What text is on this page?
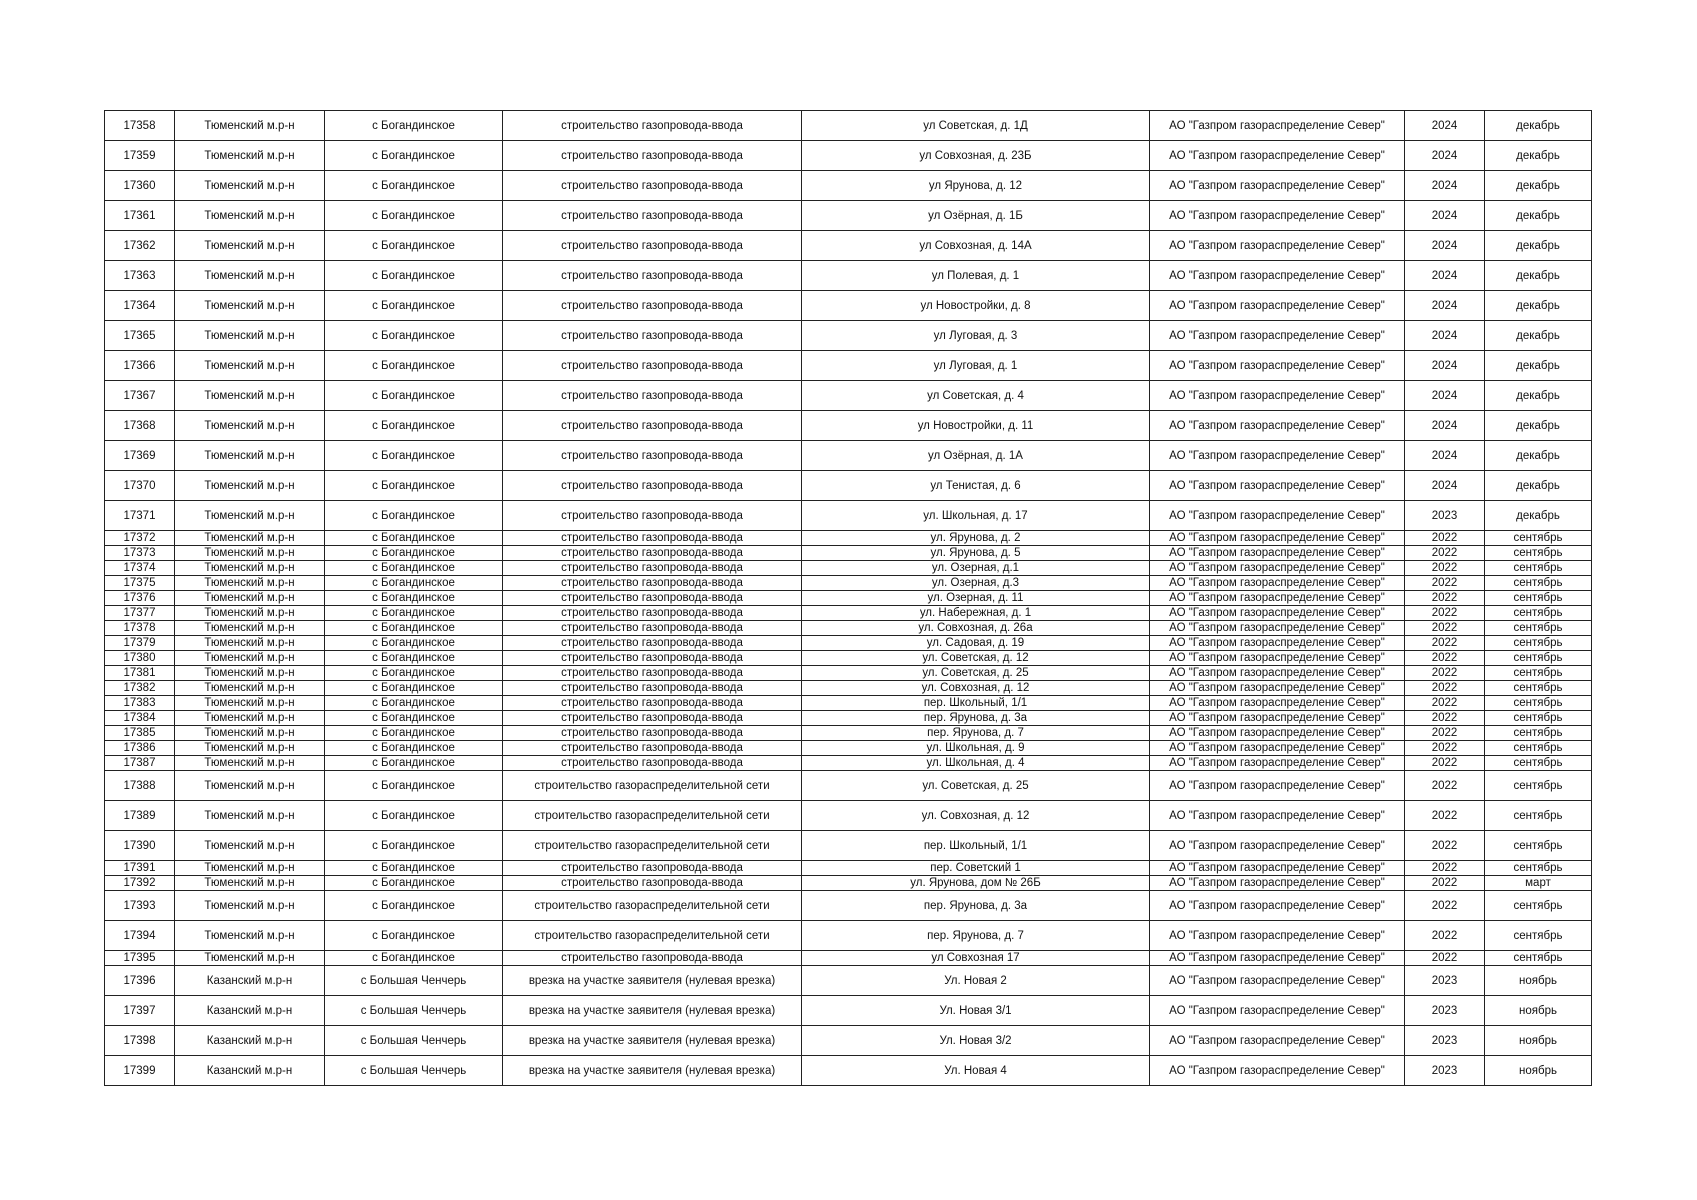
17358	Тюменский м.р-н	с Богандинское	строительство газопровода-ввода	ул Советская, д. 1Д	АО "Газпром газораспределение Север"	2024	декабрь
17359	Тюменский м.р-н	с Богандинское	строительство газопровода-ввода	ул Совхозная, д. 23Б	АО "Газпром газораспределение Север"	2024	декабрь
17360	Тюменский м.р-н	с Богандинское	строительство газопровода-ввода	ул Ярунова, д. 12	АО "Газпром газораспределение Север"	2024	декабрь
17361	Тюменский м.р-н	с Богандинское	строительство газопровода-ввода	ул Озёрная, д. 1Б	АО "Газпром газораспределение Север"	2024	декабрь
17362	Тюменский м.р-н	с Богандинское	строительство газопровода-ввода	ул Совхозная, д. 14А	АО "Газпром газораспределение Север"	2024	декабрь
17363	Тюменский м.р-н	с Богандинское	строительство газопровода-ввода	ул Полевая, д. 1	АО "Газпром газораспределение Север"	2024	декабрь
17364	Тюменский м.р-н	с Богандинское	строительство газопровода-ввода	ул Новостройки, д. 8	АО "Газпром газораспределение Север"	2024	декабрь
17365	Тюменский м.р-н	с Богандинское	строительство газопровода-ввода	ул Луговая, д. 3	АО "Газпром газораспределение Север"	2024	декабрь
17366	Тюменский м.р-н	с Богандинское	строительство газопровода-ввода	ул Луговая, д. 1	АО "Газпром газораспределение Север"	2024	декабрь
17367	Тюменский м.р-н	с Богандинское	строительство газопровода-ввода	ул Советская, д. 4	АО "Газпром газораспределение Север"	2024	декабрь
17368	Тюменский м.р-н	с Богандинское	строительство газопровода-ввода	ул Новостройки, д. 11	АО "Газпром газораспределение Север"	2024	декабрь
17369	Тюменский м.р-н	с Богандинское	строительство газопровода-ввода	ул Озёрная, д. 1А	АО "Газпром газораспределение Север"	2024	декабрь
17370	Тюменский м.р-н	с Богандинское	строительство газопровода-ввода	ул Тенистая, д. 6	АО "Газпром газораспределение Север"	2024	декабрь
17371	Тюменский м.р-н	с Богандинское	строительство газопровода-ввода	ул. Школьная, д. 17	АО "Газпром газораспределение Север"	2023	декабрь
17372	Тюменский м.р-н	с Богандинское	строительство газопровода-ввода	ул. Ярунова, д. 2	АО "Газпром газораспределение Север"	2022	сентябрь
17373	Тюменский м.р-н	с Богандинское	строительство газопровода-ввода	ул. Ярунова, д. 5	АО "Газпром газораспределение Север"	2022	сентябрь
17374	Тюменский м.р-н	с Богандинское	строительство газопровода-ввода	ул. Озерная, д.1	АО "Газпром газораспределение Север"	2022	сентябрь
17375	Тюменский м.р-н	с Богандинское	строительство газопровода-ввода	ул. Озерная, д.3	АО "Газпром газораспределение Север"	2022	сентябрь
17376	Тюменский м.р-н	с Богандинское	строительство газопровода-ввода	ул. Озерная, д. 11	АО "Газпром газораспределение Север"	2022	сентябрь
17377	Тюменский м.р-н	с Богандинское	строительство газопровода-ввода	ул. Набережная, д. 1	АО "Газпром газораспределение Север"	2022	сентябрь
17378	Тюменский м.р-н	с Богандинское	строительство газопровода-ввода	ул. Совхозная, д. 26а	АО "Газпром газораспределение Север"	2022	сентябрь
17379	Тюменский м.р-н	с Богандинское	строительство газопровода-ввода	ул. Садовая, д. 19	АО "Газпром газораспределение Север"	2022	сентябрь
17380	Тюменский м.р-н	с Богандинское	строительство газопровода-ввода	ул. Советская, д. 12	АО "Газпром газораспределение Север"	2022	сентябрь
17381	Тюменский м.р-н	с Богандинское	строительство газопровода-ввода	ул. Советская, д. 25	АО "Газпром газораспределение Север"	2022	сентябрь
17382	Тюменский м.р-н	с Богандинское	строительство газопровода-ввода	ул. Совхозная, д. 12	АО "Газпром газораспределение Север"	2022	сентябрь
17383	Тюменский м.р-н	с Богандинское	строительство газопровода-ввода	пер. Школьный, 1/1	АО "Газпром газораспределение Север"	2022	сентябрь
17384	Тюменский м.р-н	с Богандинское	строительство газопровода-ввода	пер. Ярунова, д. 3а	АО "Газпром газораспределение Север"	2022	сентябрь
17385	Тюменский м.р-н	с Богандинское	строительство газопровода-ввода	пер. Ярунова, д. 7	АО "Газпром газораспределение Север"	2022	сентябрь
17386	Тюменский м.р-н	с Богандинское	строительство газопровода-ввода	ул. Школьная, д. 9	АО "Газпром газораспределение Север"	2022	сентябрь
17387	Тюменский м.р-н	с Богандинское	строительство газопровода-ввода	ул. Школьная, д. 4	АО "Газпром газораспределение Север"	2022	сентябрь
17388	Тюменский м.р-н	с Богандинское	строительство газораспределительной сети	ул. Советская, д. 25	АО "Газпром газораспределение Север"	2022	сентябрь
17389	Тюменский м.р-н	с Богандинское	строительство газораспределительной сети	ул. Совхозная, д. 12	АО "Газпром газораспределение Север"	2022	сентябрь
17390	Тюменский м.р-н	с Богандинское	строительство газораспределительной сети	пер. Школьный, 1/1	АО "Газпром газораспределение Север"	2022	сентябрь
17391	Тюменский м.р-н	с Богандинское	строительство газопровода-ввода	пер. Советский 1	АО "Газпром газораспределение Север"	2022	сентябрь
17392	Тюменский м.р-н	с Богандинское	строительство газопровода-ввода	ул. Ярунова, дом № 26Б	АО "Газпром газораспределение Север"	2022	март
17393	Тюменский м.р-н	с Богандинское	строительство газораспределительной сети	пер. Ярунова, д. 3а	АО "Газпром газораспределение Север"	2022	сентябрь
17394	Тюменский м.р-н	с Богандинское	строительство газораспределительной сети	пер. Ярунова, д. 7	АО "Газпром газораспределение Север"	2022	сентябрь
17395	Тюменский м.р-н	с Богандинское	строительство газопровода-ввода	ул Совхозная 17	АО "Газпром газораспределение Север"	2022	сентябрь
17396	Казанский м.р-н	с Большая Ченчерь	врезка на участке заявителя (нулевая врезка)	Ул. Новая 2	АО "Газпром газораспределение Север"	2023	ноябрь
17397	Казанский м.р-н	с Большая Ченчерь	врезка на участке заявителя (нулевая врезка)	Ул. Новая 3/1	АО "Газпром газораспределение Север"	2023	ноябрь
17398	Казанский м.р-н	с Большая Ченчерь	врезка на участке заявителя (нулевая врезка)	Ул. Новая 3/2	АО "Газпром газораспределение Север"	2023	ноябрь
17399	Казанский м.р-н	с Большая Ченчерь	врезка на участке заявителя (нулевая врезка)	Ул. Новая 4	АО "Газпром газораспределение Север"	2023	ноябрь
